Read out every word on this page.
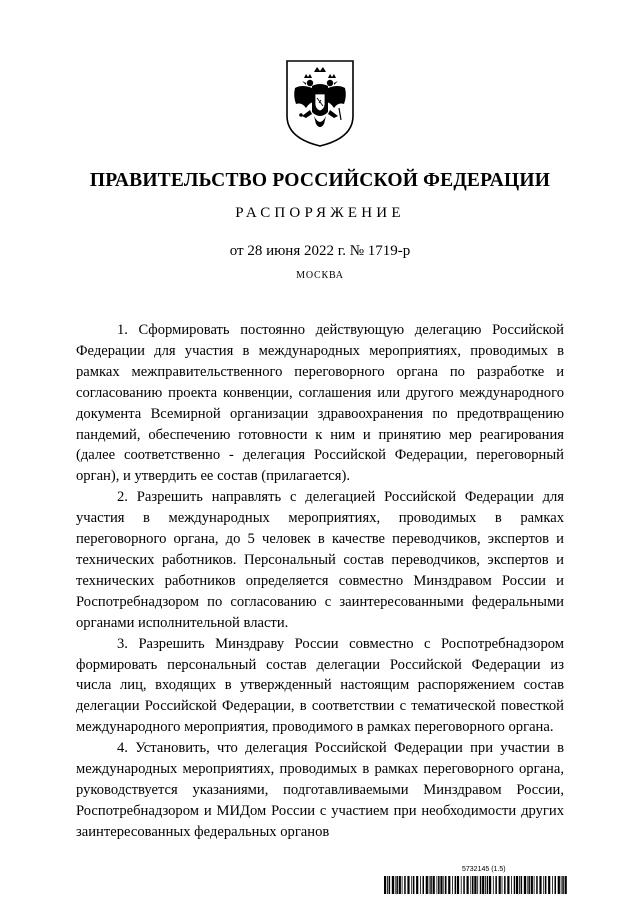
ПРАВИТЕЛЬСТВО РОССИЙСКОЙ ФЕДЕРАЦИИ
РАСПОРЯЖЕНИЕ
от 28 июня 2022 г. № 1719-р
МОСКВА

1. Сформировать постоянно действующую делегацию Российской Федерации для участия в международных мероприятиях, проводимых в рамках межправительственного переговорного органа по разработке и согласованию проекта конвенции, соглашения или другого международного документа Всемирной организации здравоохранения по предотвращению пандемий, обеспечению готовности к ним и принятию мер реагирования (далее соответственно - делегация Российской Федерации, переговорный орган), и утвердить ее состав (прилагается).

2. Разрешить направлять с делегацией Российской Федерации для участия в международных мероприятиях, проводимых в рамках переговорного органа, до 5 человек в качестве переводчиков, экспертов и технических работников. Персональный состав переводчиков, экспертов и технических работников определяется совместно Минздравом России и Роспотребнадзором по согласованию с заинтересованными федеральными органами исполнительной власти.

3. Разрешить Минздраву России совместно с Роспотребнадзором формировать персональный состав делегации Российской Федерации из числа лиц, входящих в утвержденный настоящим распоряжением состав делегации Российской Федерации, в соответствии с тематической повесткой международного мероприятия, проводимого в рамках переговорного органа.

4. Установить, что делегация Российской Федерации при участии в международных мероприятиях, проводимых в рамках переговорного органа, руководствуется указаниями, подготавливаемыми Минздравом России, Роспотребнадзором и МИДом России с участием при необходимости других заинтересованных федеральных органов

5732145 (1.5)
